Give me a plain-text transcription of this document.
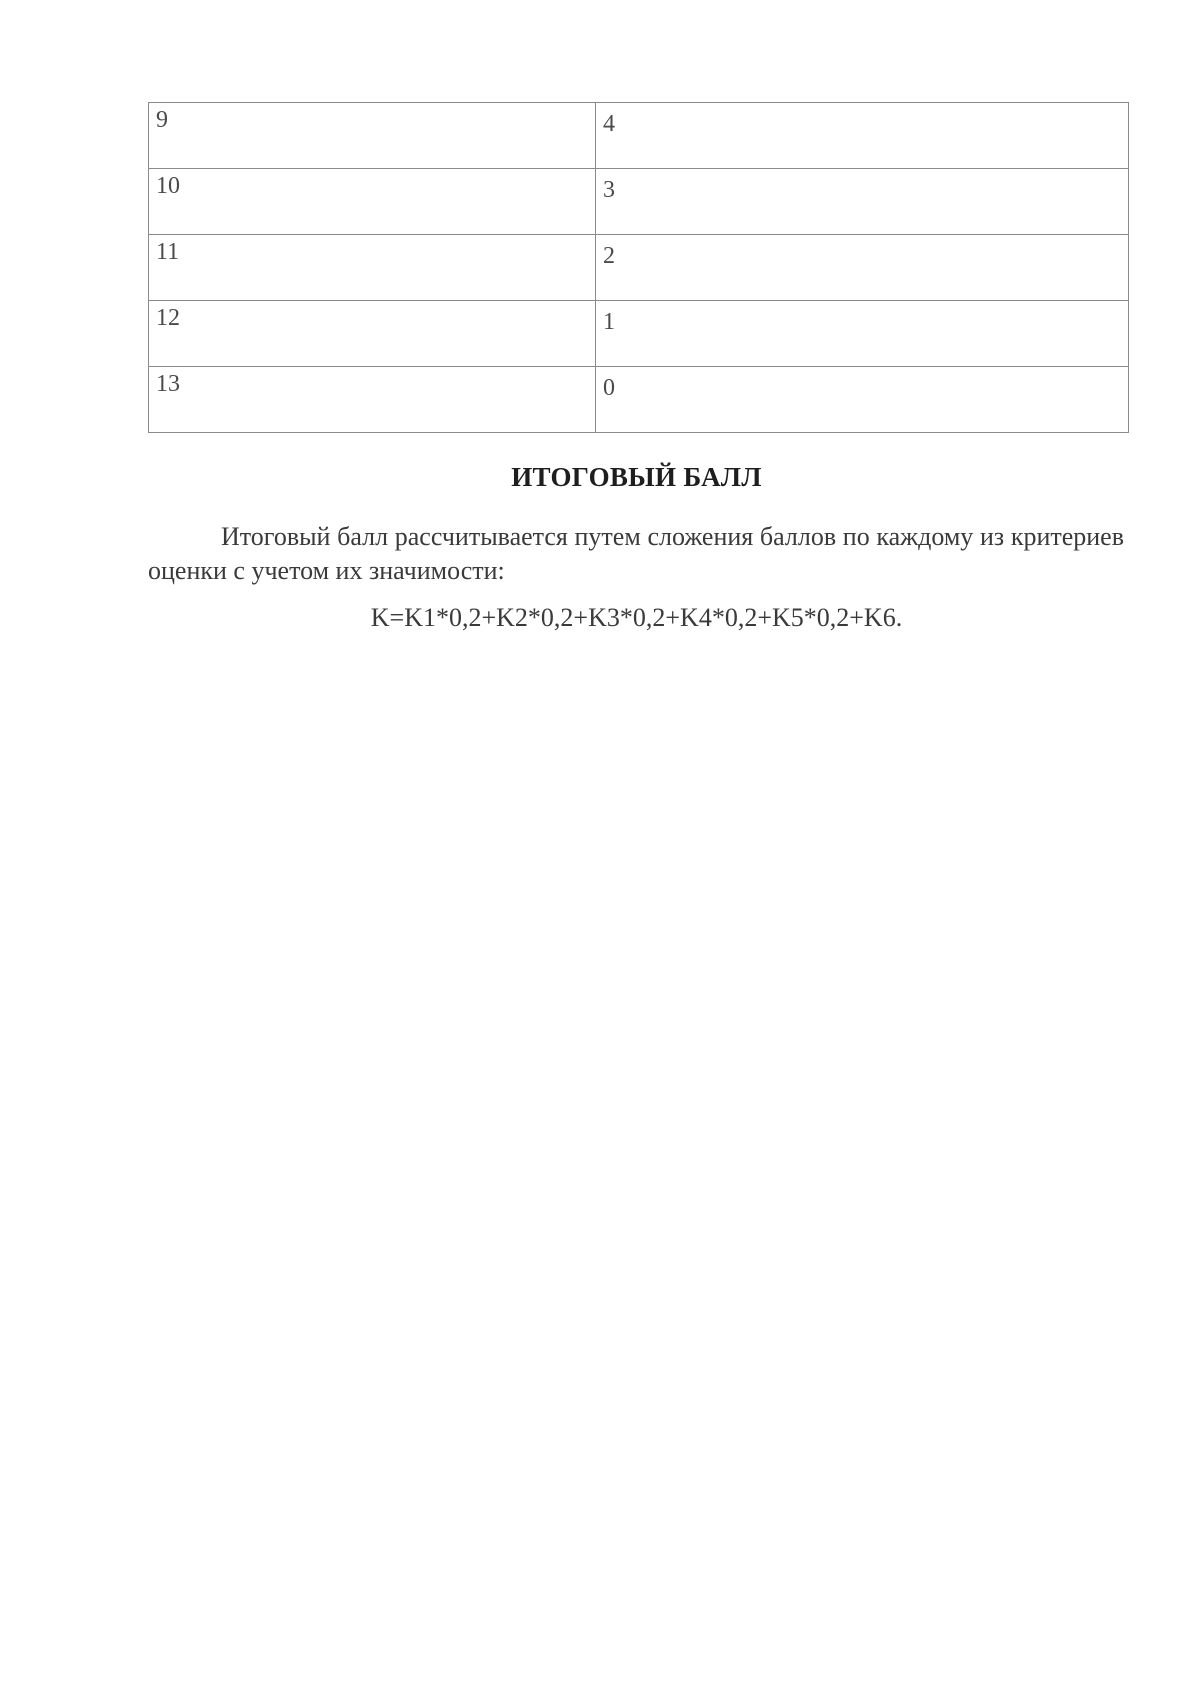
9	4
10	3
11	2
12	1
13	0
ИТОГОВЫЙ БАЛЛ
Итоговый балл рассчитывается путем сложения баллов по каждому из критериев оценки с учетом их значимости:
K=K1*0,2+K2*0,2+K3*0,2+K4*0,2+K5*0,2+K6.
